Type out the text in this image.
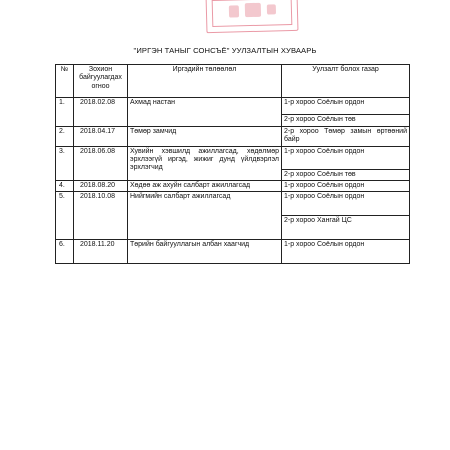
"ИРГЭН ТАНЫГ СОНСЪЁ" УУЛЗАЛТЫН ХУВААРЬ
№	Зохион байгуулагдах огноо	Иргэдийн төлөөлөл	Уулзалт болох газар
1.	2018.02.08	Ахмад настан	1-р хороо Соёлын ордон
			2-р хороо Соёлын төв
2.	2018.04.17	Төмөр замчид	2-р хороо Төмөр замын өртөөний байр
3.	2018.06.08	Хувийн хэвшилд ажиллагсад, хөдөлмөр эрхлээгүй иргэд, жижиг дунд үйлдвэрлэл эрхлэгчид	1-р хороо Соёлын ордон
			2-р хороо Соёлын төв
4.	2018.08.20	Хөдөө аж ахуйн салбарт ажиллагсад	1-р хороо Соёлын ордон
5.	2018.10.08	Нийгмийн салбарт ажиллагсад	1-р хороо Соёлын ордон
			2-р хороо Хангай ЦС
6.	2018.11.20	Төрийн байгууллагын албан хаагчид	1-р хороо Соёлын ордон
